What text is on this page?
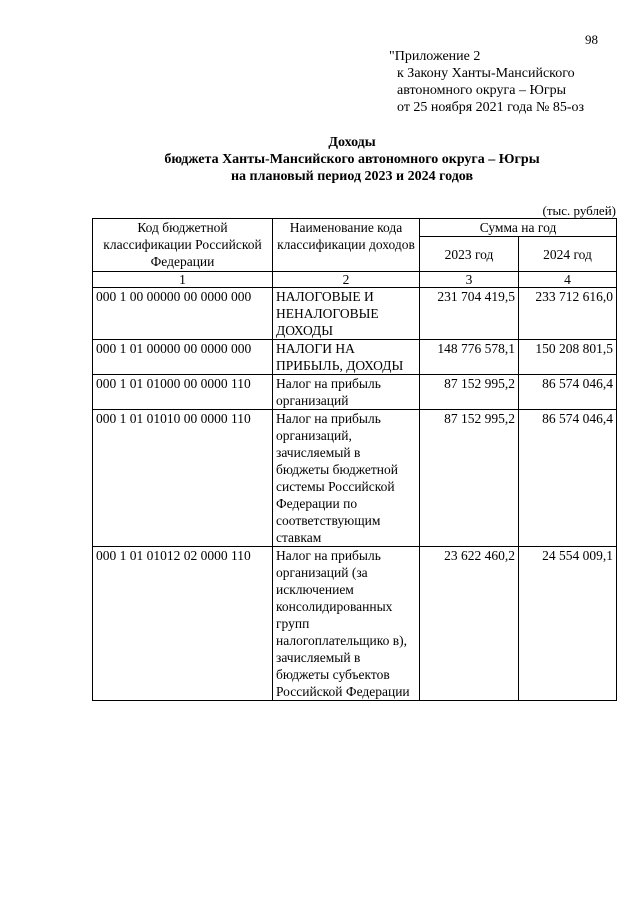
98
"Приложение 2
к Закону Ханты-Мансийского
автономного округа – Югры
от 25 ноября 2021 года № 85-оз
Доходы
бюджета Ханты-Мансийского автономного округа – Югры
на плановый период 2023 и 2024 годов
(тыс. рублей)
Код бюджетной классификации Российской Федерации	Наименование кода классификации доходов	Сумма на год	
		2023 год	2024 год
1	2	3	4
000 1 00 00000 00 0000 000	НАЛОГОВЫЕ И НЕНАЛОГОВЫЕ ДОХОДЫ	231 704 419,5	233 712 616,0
000 1 01 00000 00 0000 000	НАЛОГИ НА ПРИБЫЛЬ, ДОХОДЫ	148 776 578,1	150 208 801,5
000 1 01 01000 00 0000 110	Налог на прибыль организаций	87 152 995,2	86 574 046,4
000 1 01 01010 00 0000 110	Налог на прибыль организаций, зачисляемый в бюджеты бюджетной системы Российской Федерации по соответствующим ставкам	87 152 995,2	86 574 046,4
000 1 01 01012 02 0000 110	Налог на прибыль организаций (за исключением консолидированных групп налогоплательщико в), зачисляемый в бюджеты субъектов Российской Федерации	23 622 460,2	24 554 009,1
